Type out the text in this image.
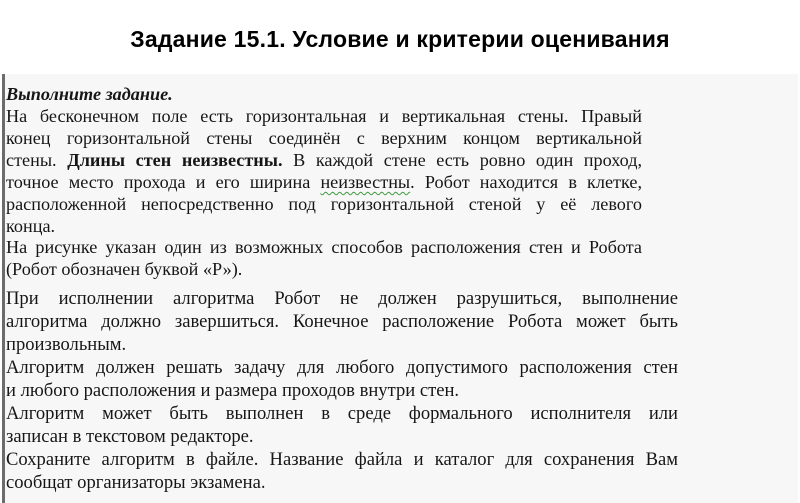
Задание 15.1. Условие и критерии оценивания
Выполните задание.
На бесконечном поле есть горизонтальная и вертикальная стены. Правый
конец горизонтальной стены соединён с верхним концом вертикальной
стены. Длины стен неизвестны. В каждой стене есть ровно один проход,
точное место прохода и его ширина неизвестны. Робот находится в клетке,
расположенной непосредственно под горизонтальной стеной у её левого
конца.
На рисунке указан один из возможных способов расположения стен и Робота
(Робот обозначен буквой «Р»).
При исполнении алгоритма Робот не должен разрушиться, выполнение
алгоритма должно завершиться. Конечное расположение Робота может быть
произвольным.
Алгоритм должен решать задачу для любого допустимого расположения стен
и любого расположения и размера проходов внутри стен.
Алгоритм может быть выполнен в среде формального исполнителя или
записан в текстовом редакторе.
Сохраните алгоритм в файле. Название файла и каталог для сохранения Вам
сообщат организаторы экзамена.
